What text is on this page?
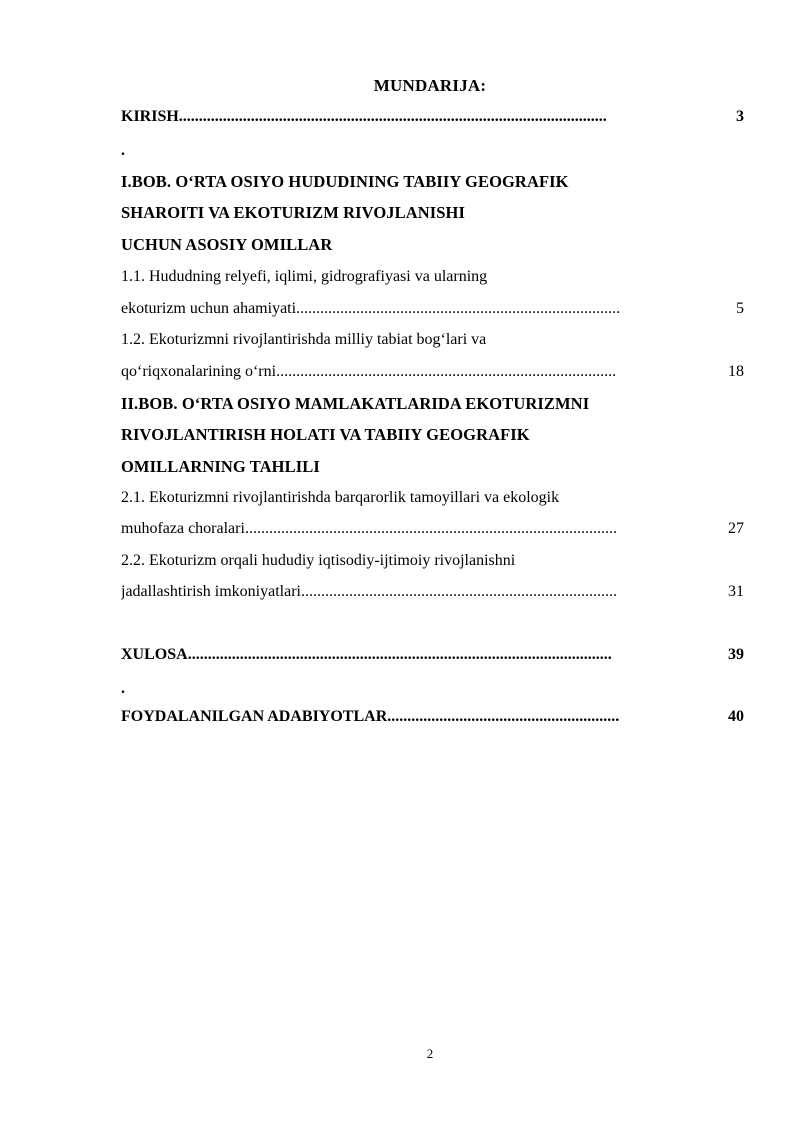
MUNDARIJA:
KIRISH ...........................................................................................................	3
.
I.BOB. O‘RTA OSIYO HUDUDINING TABIIY GEOGRAFIK
SHAROITI VA EKOTURIZM RIVOJLANISHI
UCHUN ASOSIY OMILLAR
1.1. Hududning relyefi, iqlimi, gidrografiyasi va ularning
ekoturizm uchun ahamiyati .................................................................................	5
1.2. Ekoturizmni rivojlantirishda milliy tabiat bog‘lari va
qo‘riqxonalarining o‘rni .....................................................................................	18
II.BOB. O‘RTA OSIYO MAMLAKATLARIDA EKOTURIZMNI
RIVOJLANTIRISH HOLATI VA TABIIY GEOGRAFIK
OMILLARNING TAHLILI
2.1. Ekoturizmni rivojlantirishda barqarorlik tamoyillari va ekologik
muhofaza choralari .............................................................................................	27
2.2. Ekoturizm orqali hududiy iqtisodiy-ijtimoiy rivojlanishni
jadallashtirish imkoniyatlari ...............................................................................	31
XULOSA ..........................................................................................................	39
.
FOYDALANILGAN ADABIYOTLAR ..........................................................	40
2
